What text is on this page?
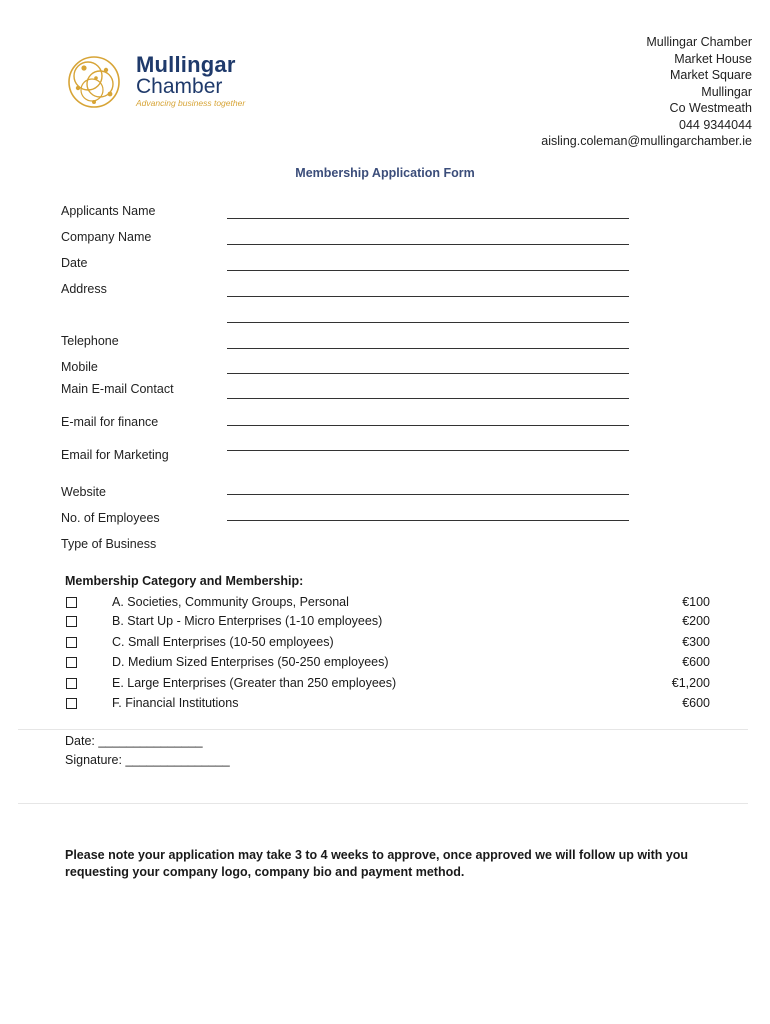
Mullingar
Chamber
Advancing business together
Mullingar Chamber
Market House
Market Square
Mullingar
Co Westmeath
044 9344044
aisling.coleman@mullingarchamber.ie
Membership Application Form
Applicants Name
Company Name
Date
Address
Telephone
Mobile
Main E-mail Contact
E-mail for finance
Email for Marketing
Website
No. of Employees
Type of Business
Membership Category and Membership:
A. Societies, Community Groups, Personal	€100
B. Start Up - Micro Enterprises (1-10 employees)	€200
C. Small Enterprises (10-50 employees)	€300
D. Medium Sized Enterprises (50-250 employees)	€600
E. Large Enterprises (Greater than 250 employees)	€1,200
F. Financial Institutions	€600
Date: _______________
Signature: _______________
Please note your application may take 3 to 4 weeks to approve, once approved we will follow up with you requesting your company logo, company bio and payment method.
